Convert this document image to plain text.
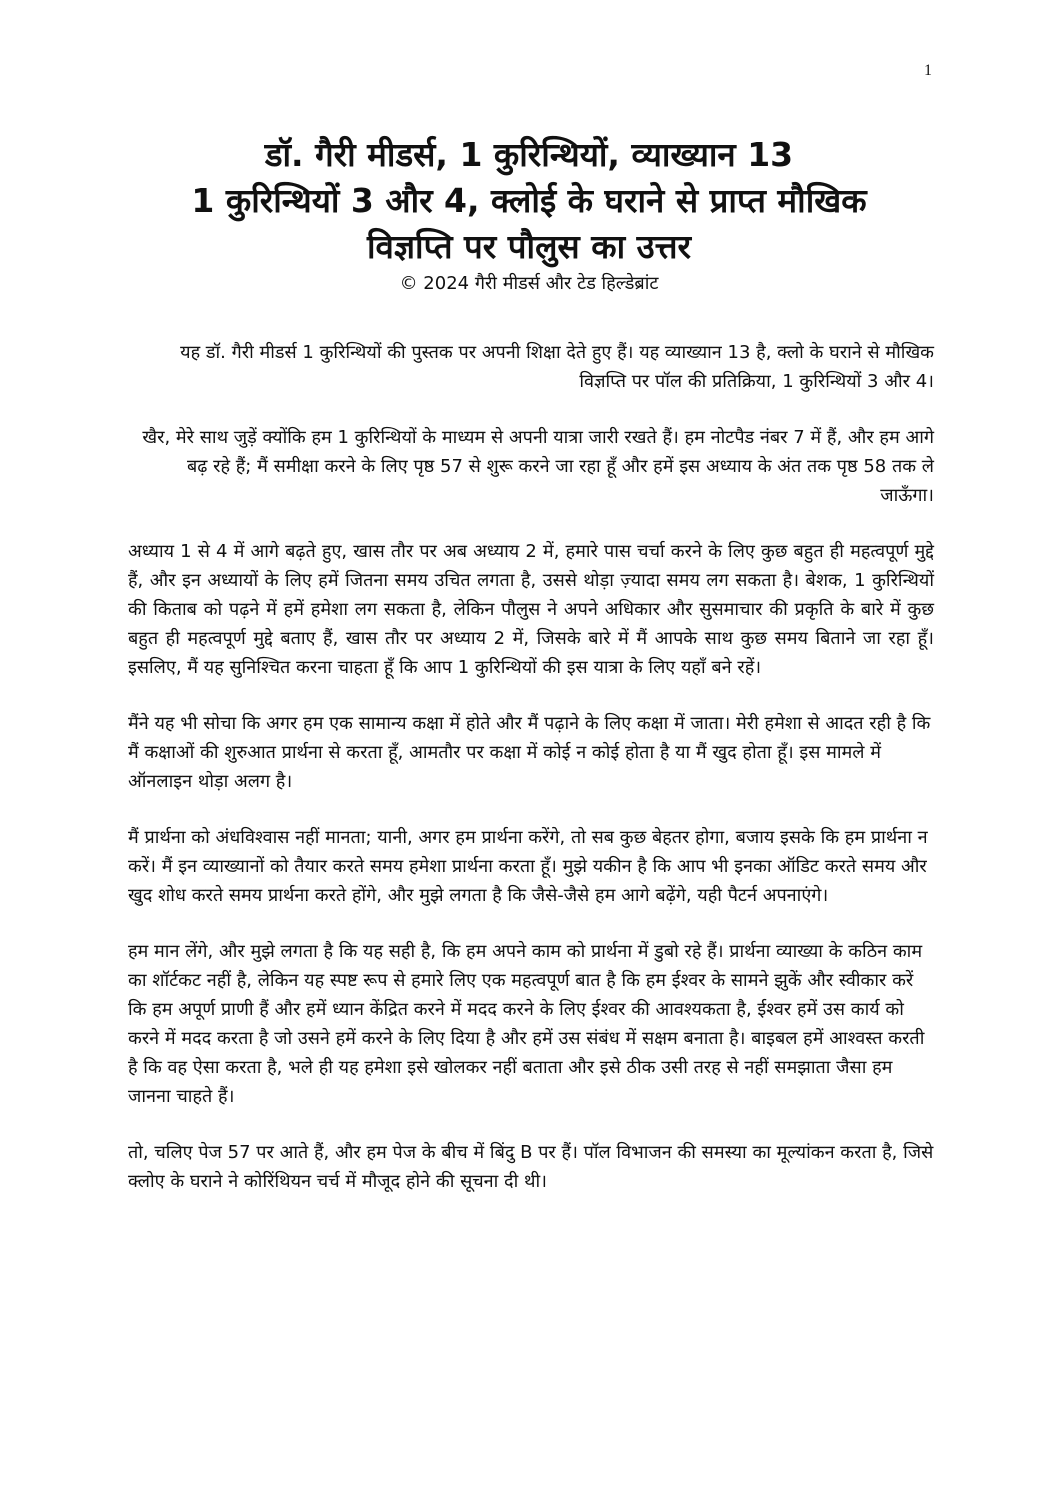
1
डॉ. गैरी मीडर्स, 1 कुरिन्थियों, व्याख्यान 13
1 कुरिन्थियों 3 और 4, क्लोई के घराने से प्राप्त मौखिक
विज्ञप्ति पर पौलुस का उत्तर

© 2024 गैरी मीडर्स और टेड हिल्डेब्रांट

यह डॉ. गैरी मीडर्स 1 कुरिन्थियों की पुस्तक पर अपनी शिक्षा देते हुए हैं। यह व्याख्यान 13 है, क्लो के घराने से मौखिक विज्ञप्ति पर पॉल की प्रतिक्रिया, 1 कुरिन्थियों 3 और 4।

खैर, मेरे साथ जुड़ें क्योंकि हम 1 कुरिन्थियों के माध्यम से अपनी यात्रा जारी रखते हैं। हम नोटपैड नंबर 7 में हैं, और हम आगे बढ़ रहे हैं; मैं समीक्षा करने के लिए पृष्ठ 57 से शुरू करने जा रहा हूँ और हमें इस अध्याय के अंत तक पृष्ठ 58 तक ले जाऊँगा।

अध्याय 1 से 4 में आगे बढ़ते हुए, खास तौर पर अब अध्याय 2 में, हमारे पास चर्चा करने के लिए कुछ बहुत ही महत्वपूर्ण मुद्दे हैं, और इन अध्यायों के लिए हमें जितना समय उचित लगता है, उससे थोड़ा ज़्यादा समय लग सकता है। बेशक, 1 कुरिन्थियों की किताब को पढ़ने में हमें हमेशा लग सकता है, लेकिन पौलुस ने अपने अधिकार और सुसमाचार की प्रकृति के बारे में कुछ बहुत ही महत्वपूर्ण मुद्दे बताए हैं, खास तौर पर अध्याय 2 में, जिसके बारे में मैं आपके साथ कुछ समय बिताने जा रहा हूँ। इसलिए, मैं यह सुनिश्चित करना चाहता हूँ कि आप 1 कुरिन्थियों की इस यात्रा के लिए यहाँ बने रहें।

मैंने यह भी सोचा कि अगर हम एक सामान्य कक्षा में होते और मैं पढ़ाने के लिए कक्षा में जाता। मेरी हमेशा से आदत रही है कि मैं कक्षाओं की शुरुआत प्रार्थना से करता हूँ, आमतौर पर कक्षा में कोई न कोई होता है या मैं खुद होता हूँ। इस मामले में ऑनलाइन थोड़ा अलग है।

मैं प्रार्थना को अंधविश्वास नहीं मानता; यानी, अगर हम प्रार्थना करेंगे, तो सब कुछ बेहतर होगा, बजाय इसके कि हम प्रार्थना न करें। मैं इन व्याख्यानों को तैयार करते समय हमेशा प्रार्थना करता हूँ। मुझे यकीन है कि आप भी इनका ऑडिट करते समय और खुद शोध करते समय प्रार्थना करते होंगे, और मुझे लगता है कि जैसे-जैसे हम आगे बढ़ेंगे, यही पैटर्न अपनाएंगे।

हम मान लेंगे, और मुझे लगता है कि यह सही है, कि हम अपने काम को प्रार्थना में डुबो रहे हैं। प्रार्थना व्याख्या के कठिन काम का शॉर्टकट नहीं है, लेकिन यह स्पष्ट रूप से हमारे लिए एक महत्वपूर्ण बात है कि हम ईश्वर के सामने झुकें और स्वीकार करें कि हम अपूर्ण प्राणी हैं और हमें ध्यान केंद्रित करने में मदद करने के लिए ईश्वर की आवश्यकता है, ईश्वर हमें उस कार्य को करने में मदद करता है जो उसने हमें करने के लिए दिया है और हमें उस संबंध में सक्षम बनाता है। बाइबल हमें आश्वस्त करती है कि वह ऐसा करता है, भले ही यह हमेशा इसे खोलकर नहीं बताता और इसे ठीक उसी तरह से नहीं समझाता जैसा हम जानना चाहते हैं।

तो, चलिए पेज 57 पर आते हैं, और हम पेज के बीच में बिंदु B पर हैं। पॉल विभाजन की समस्या का मूल्यांकन करता है, जिसे क्लोए के घराने ने कोरिंथियन चर्च में मौजूद होने की सूचना दी थी।
